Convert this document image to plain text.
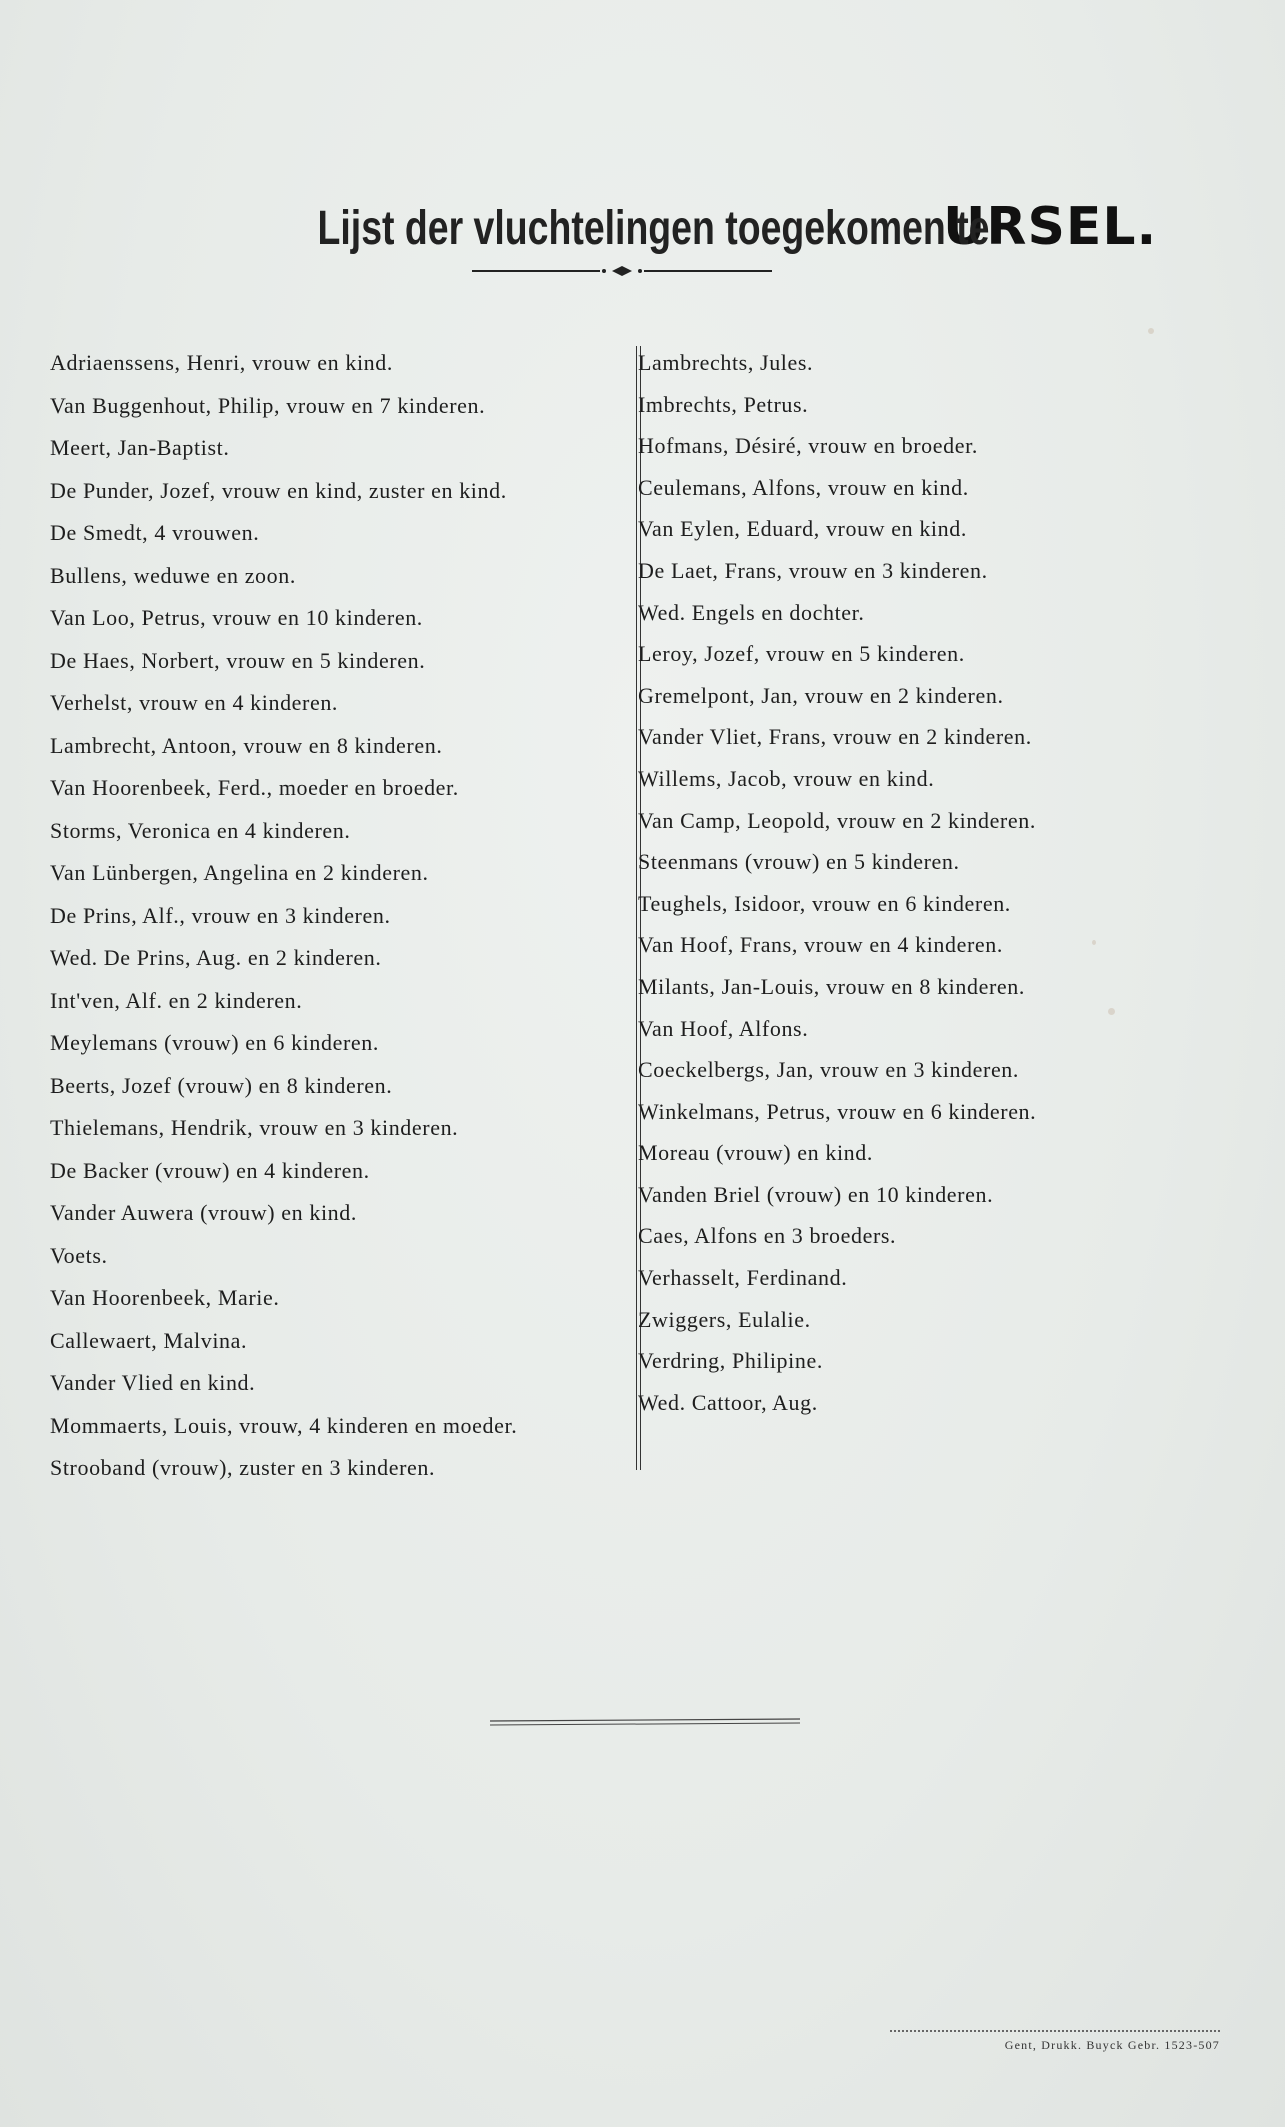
Lijst der vluchtelingen toegekomen te URSEL.
Adriaenssens, Henri, vrouw en kind.
Van Buggenhout, Philip, vrouw en 7 kinderen.
Meert, Jan-Baptist.
De Punder, Jozef, vrouw en kind, zuster en kind.
De Smedt, 4 vrouwen.
Bullens, weduwe en zoon.
Van Loo, Petrus, vrouw en 10 kinderen.
De Haes, Norbert, vrouw en 5 kinderen.
Verhelst, vrouw en 4 kinderen.
Lambrecht, Antoon, vrouw en 8 kinderen.
Van Hoorenbeek, Ferd., moeder en broeder.
Storms, Veronica en 4 kinderen.
Van Lünbergen, Angelina en 2 kinderen.
De Prins, Alf., vrouw en 3 kinderen.
Wed. De Prins, Aug. en 2 kinderen.
Int'ven, Alf. en 2 kinderen.
Meylemans (vrouw) en 6 kinderen.
Beerts, Jozef (vrouw) en 8 kinderen.
Thielemans, Hendrik, vrouw en 3 kinderen.
De Backer (vrouw) en 4 kinderen.
Vander Auwera (vrouw) en kind.
Voets.
Van Hoorenbeek, Marie.
Callewaert, Malvina.
Vander Vlied en kind.
Mommaerts, Louis, vrouw, 4 kinderen en moeder.
Strooband (vrouw), zuster en 3 kinderen.
Lambrechts, Jules.
Imbrechts, Petrus.
Hofmans, Désiré, vrouw en broeder.
Ceulemans, Alfons, vrouw en kind.
Van Eylen, Eduard, vrouw en kind.
De Laet, Frans, vrouw en 3 kinderen.
Wed. Engels en dochter.
Leroy, Jozef, vrouw en 5 kinderen.
Gremelpont, Jan, vrouw en 2 kinderen.
Vander Vliet, Frans, vrouw en 2 kinderen.
Willems, Jacob, vrouw en kind.
Van Camp, Leopold, vrouw en 2 kinderen.
Steenmans (vrouw) en 5 kinderen.
Teughels, Isidoor, vrouw en 6 kinderen.
Van Hoof, Frans, vrouw en 4 kinderen.
Milants, Jan-Louis, vrouw en 8 kinderen.
Van Hoof, Alfons.
Coeckelbergs, Jan, vrouw en 3 kinderen.
Winkelmans, Petrus, vrouw en 6 kinderen.
Moreau (vrouw) en kind.
Vanden Briel (vrouw) en 10 kinderen.
Caes, Alfons en 3 broeders.
Verhasselt, Ferdinand.
Zwiggers, Eulalie.
Verdring, Philipine.
Wed. Cattoor, Aug.
Gent, Drukk. Buyck Gebr. 1523-507
